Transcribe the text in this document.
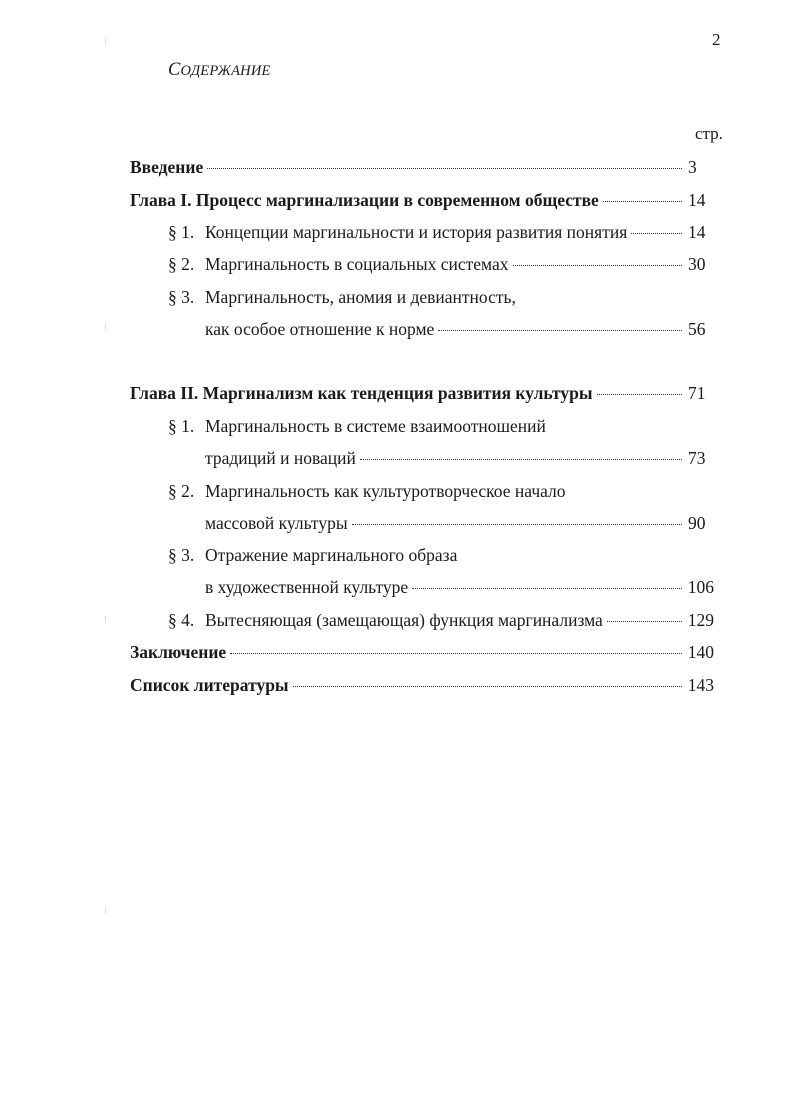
2
СОДЕРЖАНИЕ
стр.
Введение	3
Глава I. Процесс маргинализации в современном обществе	14
§ 1. Концепции маргинальности и история развития понятия	14
§ 2. Маргинальность в социальных системах	30
§ 3. Маргинальность, аномия и девиантность,
как особое отношение к норме	56
Глава II. Маргинализм как тенденция развития культуры	71
§ 1. Маргинальность в системе взаимоотношений
традиций и новаций	73
§ 2. Маргинальность как культуротворческое начало
массовой культуры	90
§ 3. Отражение маргинального образа
в художественной культуре	106
§ 4. Вытесняющая (замещающая) функция маргинализма	129
Заключение	140
Список литературы	143
⁝
⁝
⁝
⁝
